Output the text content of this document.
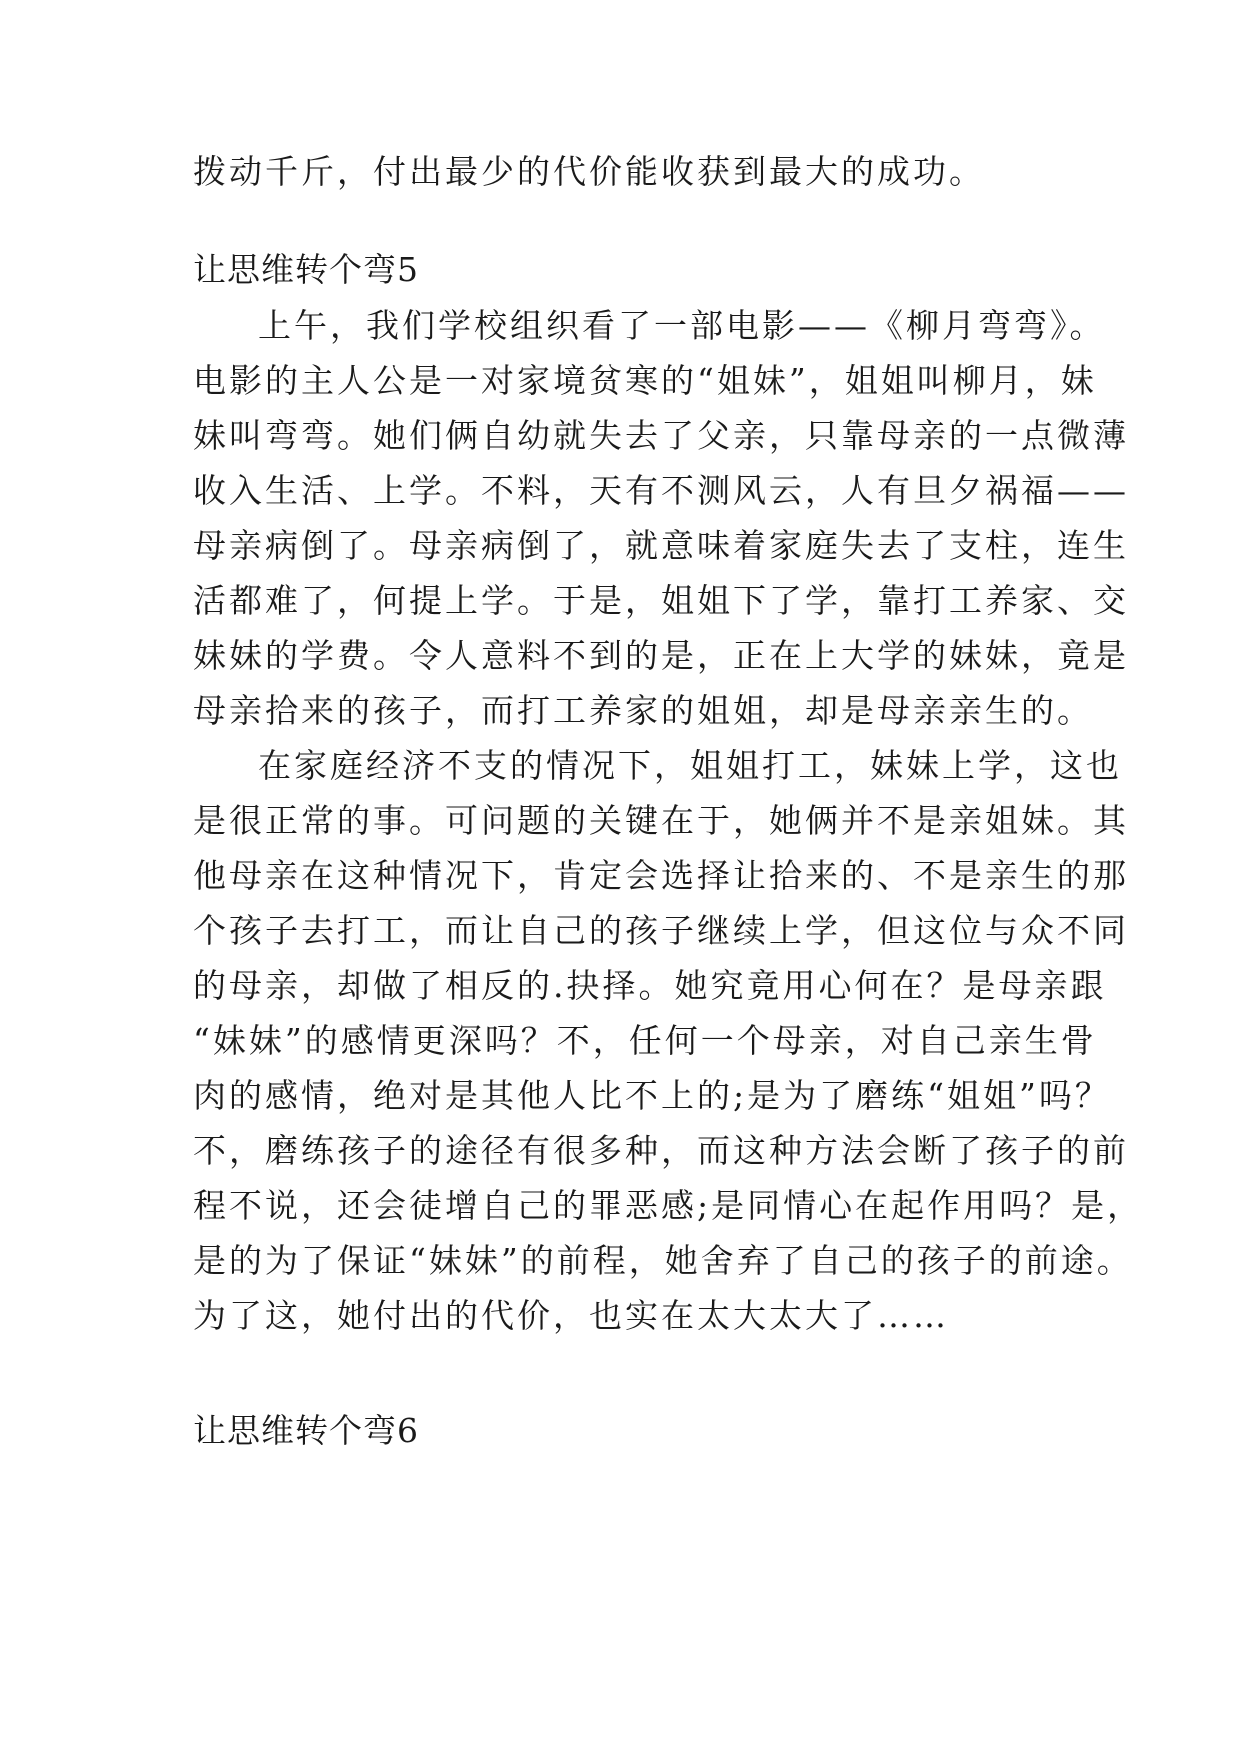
拨动千斤，付出最少的代价能收获到最大的成功。
让思维转个弯5
上午，我们学校组织看了一部电影——《柳月弯弯》。
电影的主人公是一对家境贫寒的“姐妹”，姐姐叫柳月，妹
妹叫弯弯。她们俩自幼就失去了父亲，只靠母亲的一点微薄
收入生活、上学。不料，天有不测风云，人有旦夕祸福——
母亲病倒了。母亲病倒了，就意味着家庭失去了支柱，连生
活都难了，何提上学。于是，姐姐下了学，靠打工养家、交
妹妹的学费。令人意料不到的是，正在上大学的妹妹，竟是
母亲拾来的孩子，而打工养家的姐姐，却是母亲亲生的。
在家庭经济不支的情况下，姐姐打工，妹妹上学，这也
是很正常的事。可问题的关键在于，她俩并不是亲姐妹。其
他母亲在这种情况下，肯定会选择让拾来的、不是亲生的那
个孩子去打工，而让自己的孩子继续上学，但这位与众不同
的母亲，却做了相反的.抉择。她究竟用心何在？是母亲跟
“妹妹”的感情更深吗？不，任何一个母亲，对自己亲生骨
肉的感情，绝对是其他人比不上的;是为了磨练“姐姐”吗？
不，磨练孩子的途径有很多种，而这种方法会断了孩子的前
程不说，还会徒增自己的罪恶感;是同情心在起作用吗？是，
是的为了保证“妹妹”的前程，她舍弃了自己的孩子的前途。
为了这，她付出的代价，也实在太大太大了……
让思维转个弯6
